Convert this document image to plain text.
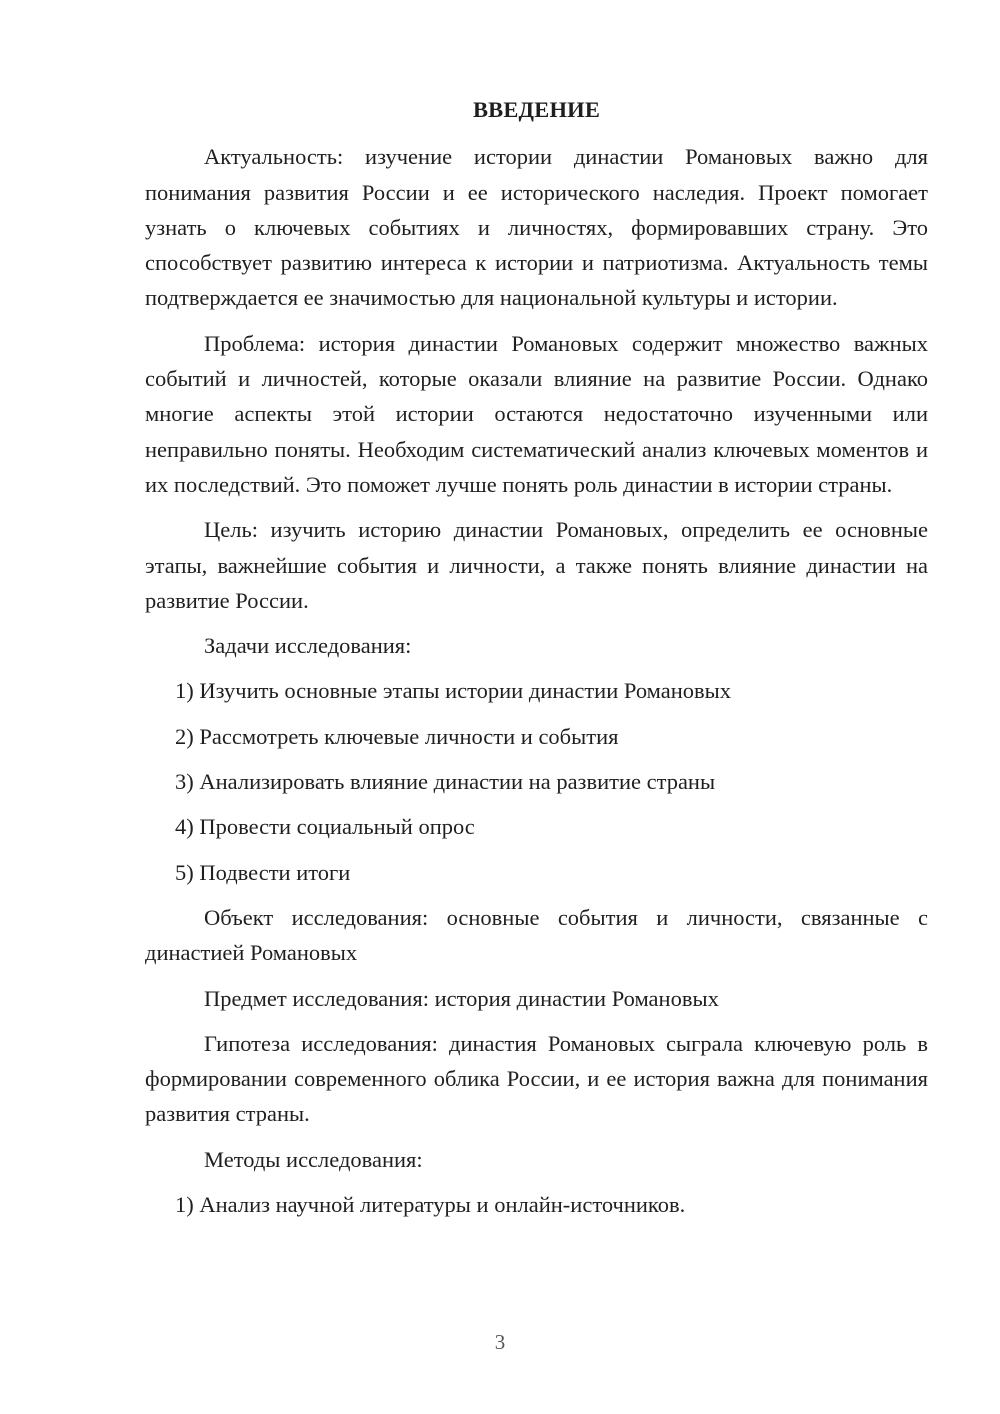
ВВЕДЕНИЕ

Актуальность: изучение истории династии Романовых важно для понимания развития России и ее исторического наследия. Проект помогает узнать о ключевых событиях и личностях, формировавших страну. Это способствует развитию интереса к истории и патриотизма. Актуальность темы подтверждается ее значимостью для национальной культуры и истории.

Проблема: история династии Романовых содержит множество важных событий и личностей, которые оказали влияние на развитие России. Однако многие аспекты этой истории остаются недостаточно изученными или неправильно поняты. Необходим систематический анализ ключевых моментов и их последствий. Это поможет лучше понять роль династии в истории страны.

Цель: изучить историю династии Романовых, определить ее основные этапы, важнейшие события и личности, а также понять влияние династии на развитие России.

Задачи исследования:

1) Изучить основные этапы истории династии Романовых

2) Рассмотреть ключевые личности и события

3) Анализировать влияние династии на развитие страны

4) Провести социальный опрос

5) Подвести итоги

Объект исследования: основные события и личности, связанные с династией Романовых

Предмет исследования: история династии Романовых

Гипотеза исследования: династия Романовых сыграла ключевую роль в формировании современного облика России, и ее история важна для понимания развития страны.

Методы исследования:

1) Анализ научной литературы и онлайн-источников.

3
